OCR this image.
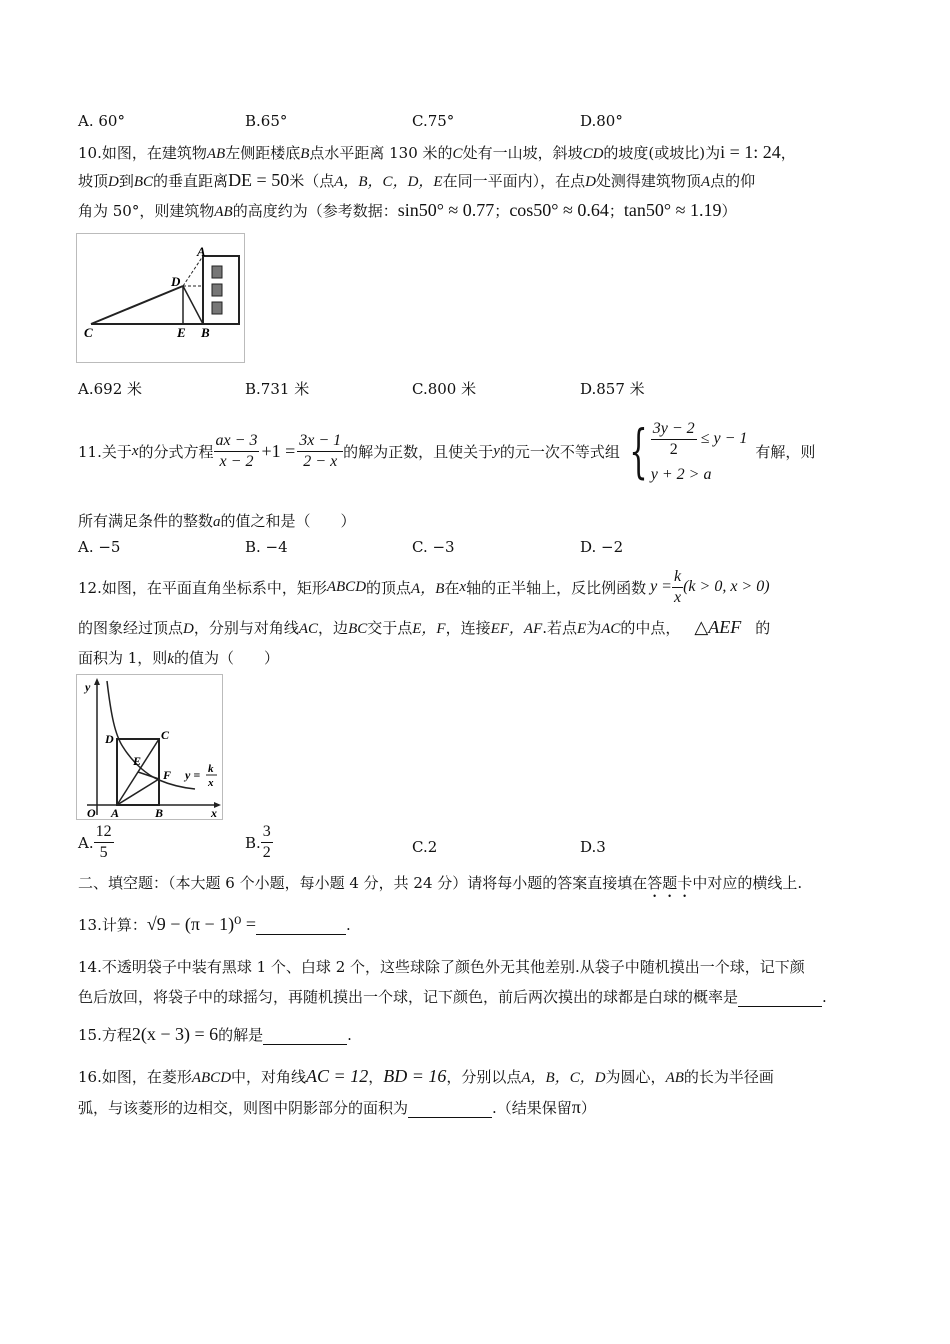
A. 60°	B.65°	C.75°	D.80°
10.如图，在建筑物AB左侧距楼底B点水平距离 130 米的C处有一山坡，斜坡CD的坡度(或坡比)为i = 1: 24，
坡顶D到BC的垂直距离DE = 50米（点A，B，C，D，E在同一平面内），在点D处测得建筑物顶A点的仰
角为 50°，则建筑物AB的高度约为（参考数据：sin50° ≈ 0.77；cos50° ≈ 0.64；tan50° ≈ 1.19）
A
D
C	E B
A.692 米	B.731 米	C.800 米	D.857 米
11.关于 x 的分式方程 $\frac{ax - 3}{x - 2} +1 = \frac{3x - 1}{2 - x}$ 的解为正数，且使关于 y 的元一次不等式组 { $\frac{3y - 2}{2} \le y - 1$
y + 2 > a
有解，则
所有满足条件的整数a的值之和是（　　）
A. −5	B. −4	C. −3	D. −2
12.如图，在平面直角坐标系中，矩形 ABCD 的顶点 A，B 在 x 轴的正半轴上，反比例函数 $y = \frac{k}{x} (k > 0$, x > 0)
的图象经过顶点D，分别与对角线AC，边BC交于点E，F，连接EF，AF.若点E为AC的中点， △AEF 的
面积为 1，则k的值为（　　）
y
D	C
E
F
O A	B	x
y = k
x
A. $\frac{12}{5}$	B. $\frac{3}{2}$	C.2	D.3
二、填空题：（本大题 6 个小题，每小题 4 分，共 24 分）请将每小题的答案直接填在答题卡中对应的横线上.
13.计算：√9 − (π − 1)⁰ =	.
14.不透明袋子中装有黑球 1 个、白球 2 个，这些球除了颜色外无其他差别.从袋子中随机摸出一个球，记下颜
色后放回，将袋子中的球摇匀，再随机摸出一个球，记下颜色，前后两次摸出的球都是白球的概率是	.
15.方程2(x − 3) = 6的解是	.
16.如图，在菱形ABCD中，对角线AC = 12，BD = 16，分别以点A，B，C，D为圆心，AB的长为半径画
弧，与该菱形的边相交，则图中阴影部分的面积为	.（结果保留π）
